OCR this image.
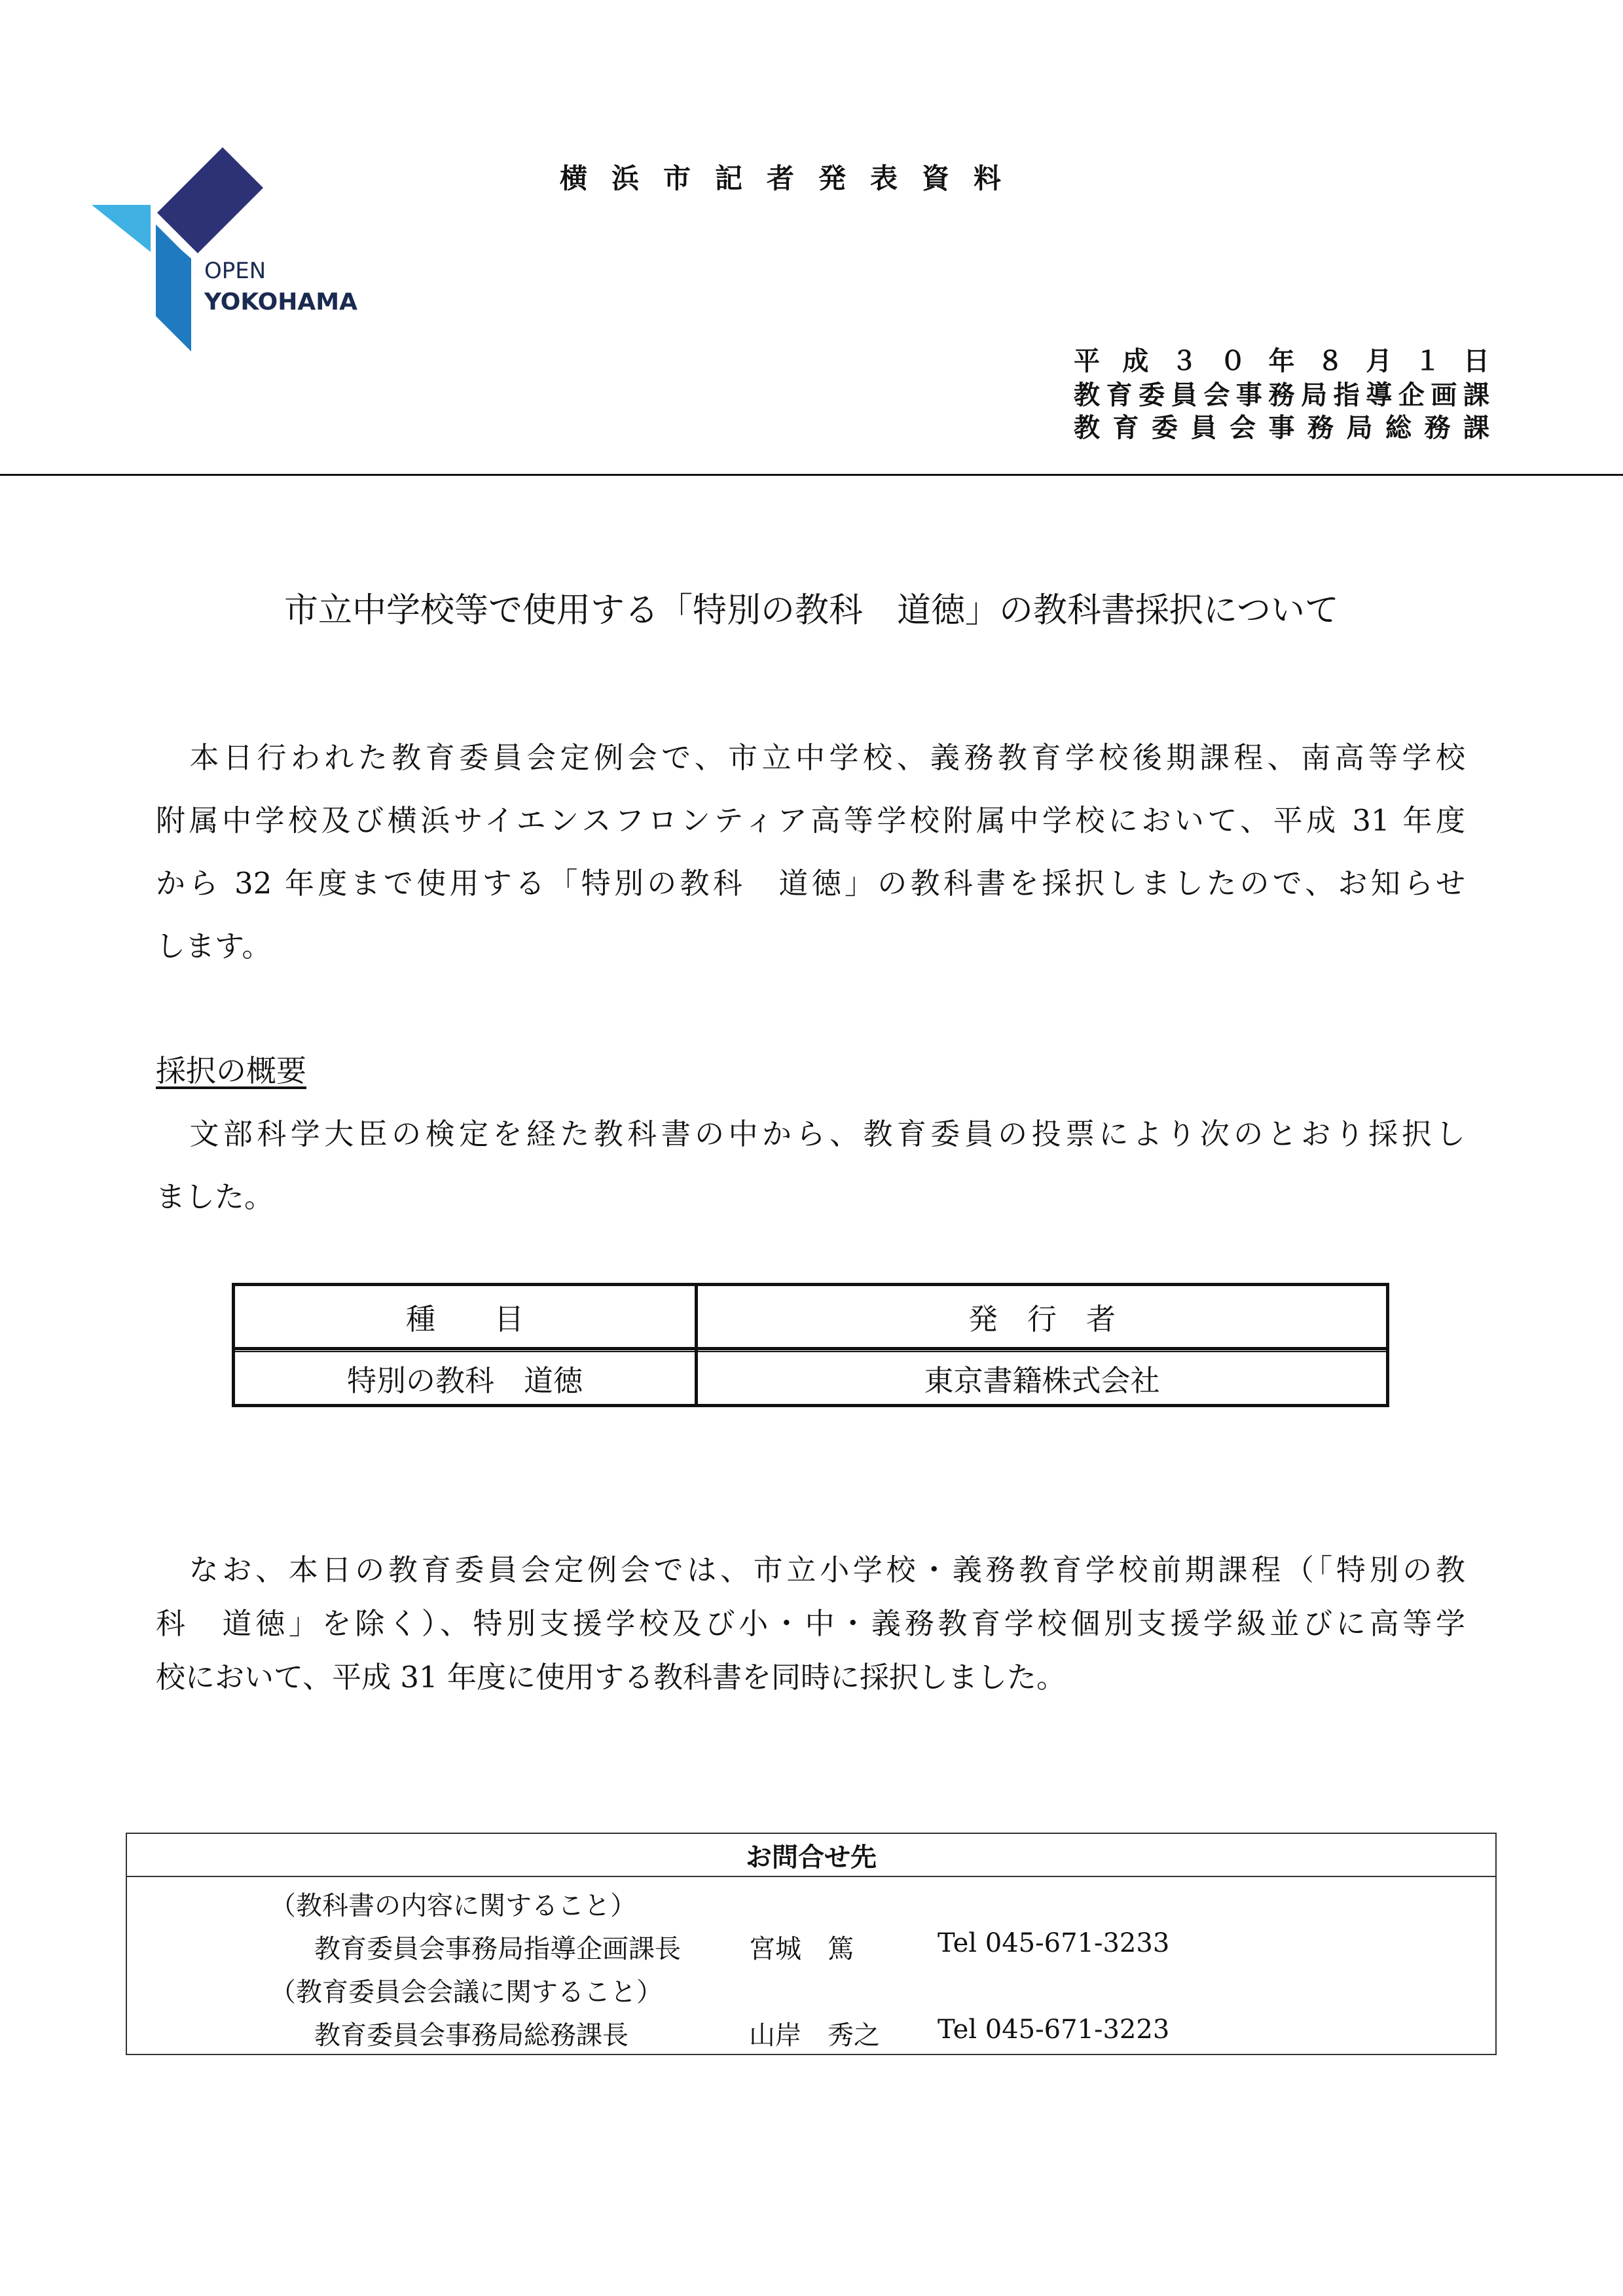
OPEN
YOKOHAMA
横浜市記者発表資料
平成３０年８月１日
教育委員会事務局指導企画課
教育委員会事務局総務課
市立中学校等で使用する「特別の教科　道徳」の教科書採択について
　本日行われた教育委員会定例会で、市立中学校、義務教育学校後期課程、南高等学校
附属中学校及び横浜サイエンスフロンティア高等学校附属中学校において、平成 31 年度
から 32 年度まで使用する「特別の教科　道徳」の教科書を採択しましたので、お知らせ
します。
採択の概要
　文部科学大臣の検定を経た教科書の中から、教育委員の投票により次のとおり採択し
ました。
種　　目	発　行　者
特別の教科　道徳	東京書籍株式会社
　なお、本日の教育委員会定例会では、市立小学校・義務教育学校前期課程（「特別の教
科　道徳」を除く）、特別支援学校及び小・中・義務教育学校個別支援学級並びに高等学
校において、平成 31 年度に使用する教科書を同時に採択しました。
お問合せ先
（教科書の内容に関すること）
教育委員会事務局指導企画課長	宮城　篤	Tel 045-671-3233
（教育委員会会議に関すること）
教育委員会事務局総務課長	山岸　秀之 Tel 045-671-3223
